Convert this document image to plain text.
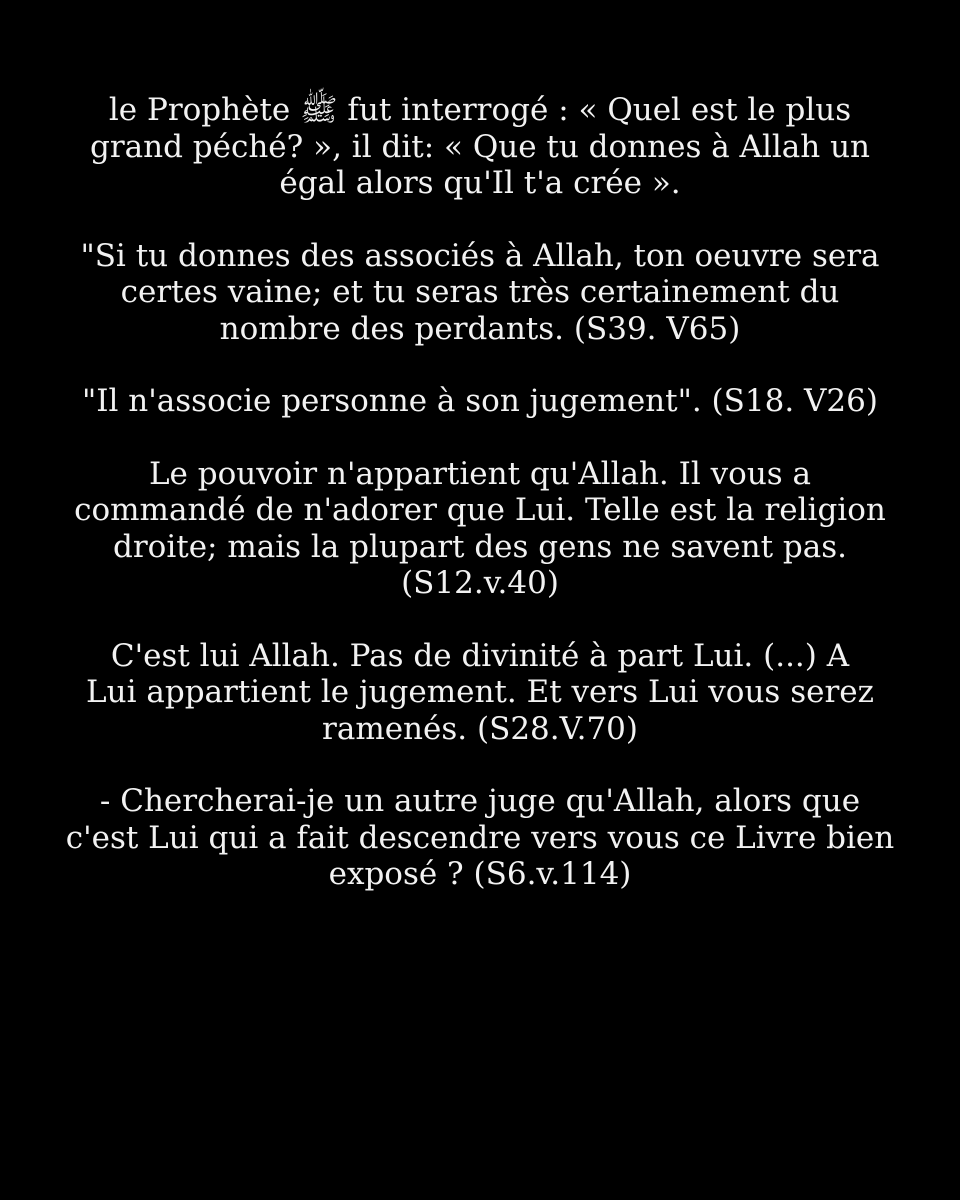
le Prophète ﷺ fut interrogé : « Quel est le plus
grand péché? », il dit: « Que tu donnes à Allah un
égal alors qu'Il t'a crée ».

"Si tu donnes des associés à Allah, ton oeuvre sera
certes vaine; et tu seras très certainement du
nombre des perdants. (S39. V65)

"Il n'associe personne à son jugement". (S18. V26)

Le pouvoir n'appartient qu'Allah. Il vous a
commandé de n'adorer que Lui. Telle est la religion
droite; mais la plupart des gens ne savent pas.
(S12.v.40)

C'est lui Allah. Pas de divinité à part Lui. (...) A
Lui appartient le jugement. Et vers Lui vous serez
ramenés. (S28.V.70)

- Chercherai-je un autre juge qu'Allah, alors que
c'est Lui qui a fait descendre vers vous ce Livre bien
exposé ? (S6.v.114)
